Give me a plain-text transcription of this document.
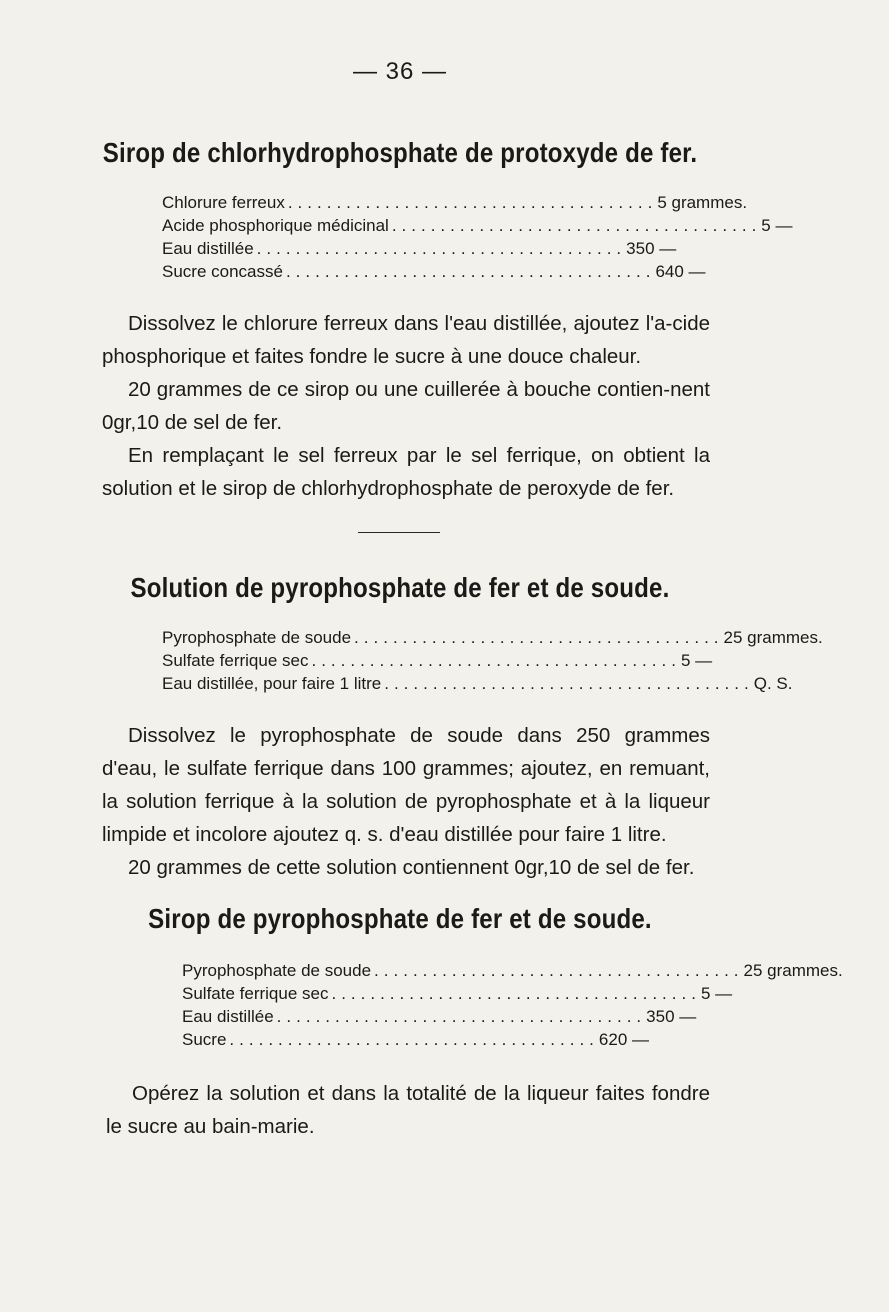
— 36 —
Sirop de chlorhydrophosphate de protoxyde de fer.
Chlorure ferreux ...................................... 5 grammes.
Acide phosphorique médicinal ...................................... 5 —
Eau distillée ...................................... 350 —
Sucre concassé ...................................... 640 —

Dissolvez le chlorure ferreux dans l'eau distillée, ajoutez l'a-cide phosphorique et faites fondre le sucre à une douce chaleur.

20 grammes de ce sirop ou une cuillerée à bouche contien-nent 0gr,10 de sel de fer.

En remplaçant le sel ferreux par le sel ferrique, on obtient la solution et le sirop de chlorhydrophosphate de peroxyde de fer.

Solution de pyrophosphate de fer et de soude.
Pyrophosphate de soude ...................................... 25 grammes.
Sulfate ferrique sec ...................................... 5 —
Eau distillée, pour faire 1 litre ...................................... Q. S.

Dissolvez le pyrophosphate de soude dans 250 grammes d'eau, le sulfate ferrique dans 100 grammes; ajoutez, en remuant, la solution ferrique à la solution de pyrophosphate et à la liqueur limpide et incolore ajoutez q. s. d'eau distillée pour faire 1 litre.

20 grammes de cette solution contiennent 0gr,10 de sel de fer.

Sirop de pyrophosphate de fer et de soude.
Pyrophosphate de soude ...................................... 25 grammes.
Sulfate ferrique sec ...................................... 5 —
Eau distillée ...................................... 350 —
Sucre ...................................... 620 —

Opérez la solution et dans la totalité de la liqueur faites fondre le sucre au bain-marie.
